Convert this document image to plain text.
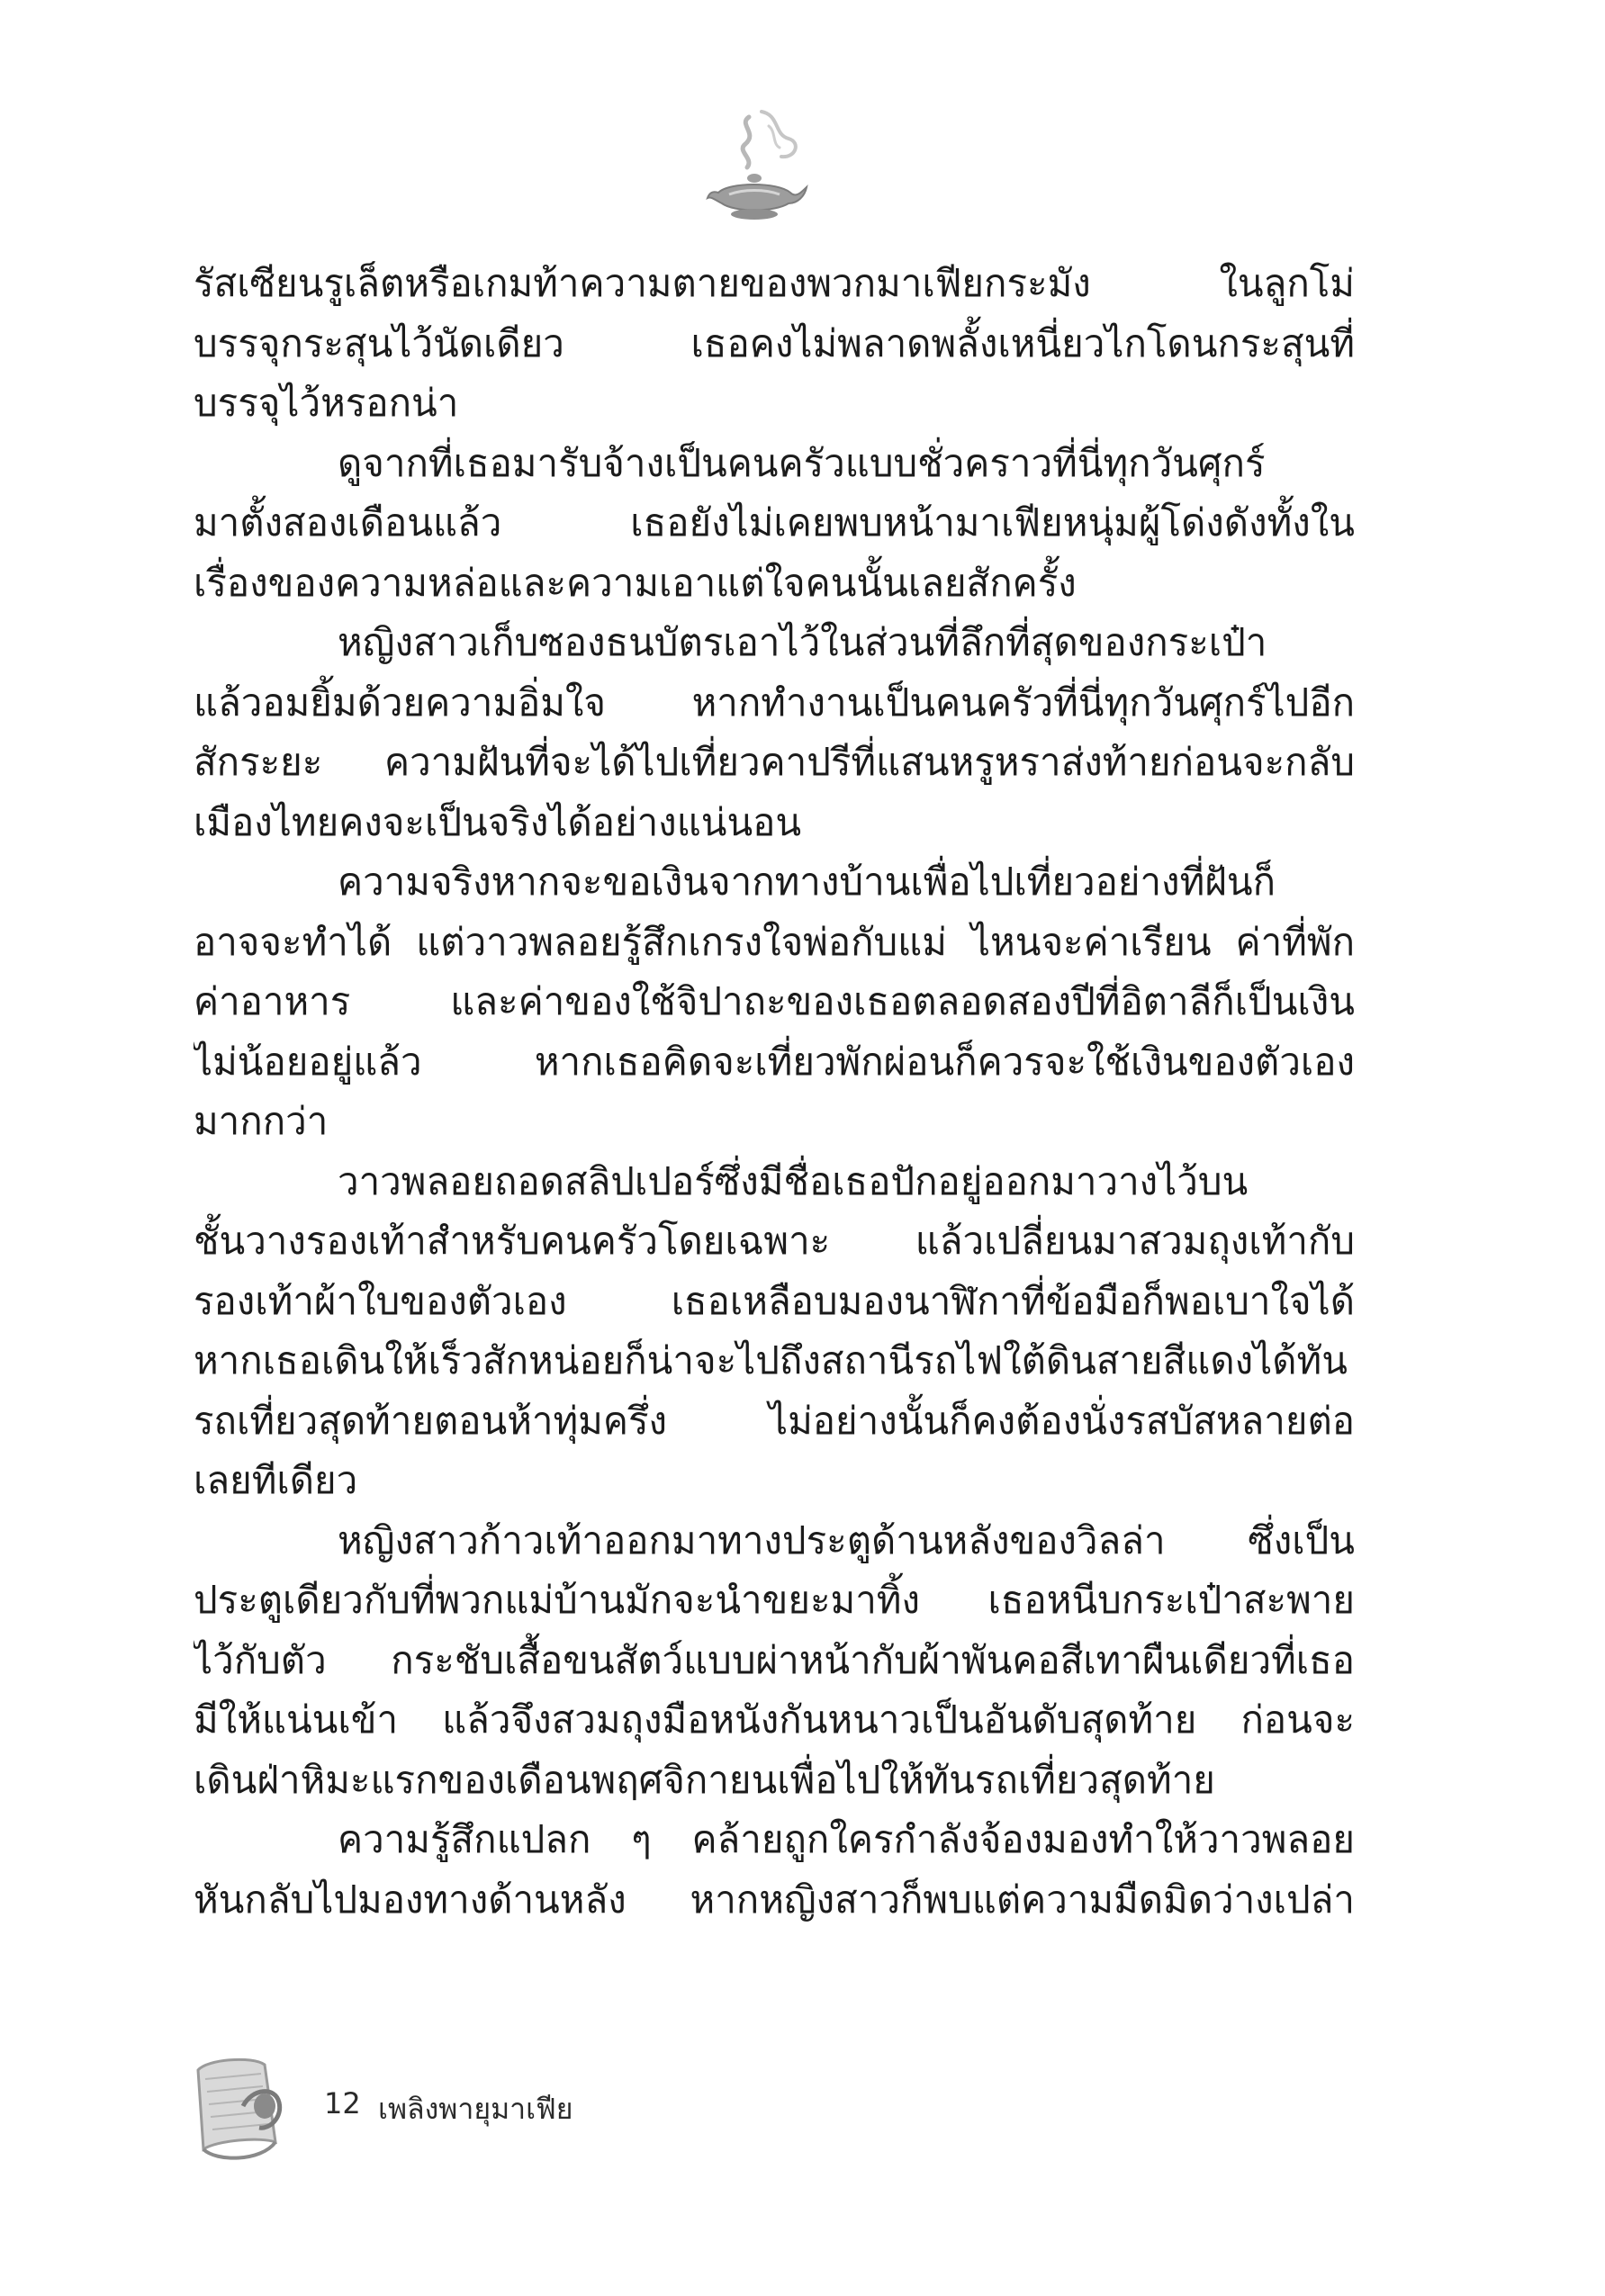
รัสเซียนรูเล็ตหรือเกมท้าความตายของพวกมาเฟียกระมัง ในลูกโม่
บรรจุกระสุนไว้นัดเดียว เธอคงไม่พลาดพลั้งเหนี่ยวไกโดนกระสุนที่
บรรจุไว้หรอกน่า
ดูจากที่เธอมารับจ้างเป็นคนครัวแบบชั่วคราวที่นี่ทุกวันศุกร์
มาตั้งสองเดือนแล้ว เธอยังไม่เคยพบหน้ามาเฟียหนุ่มผู้โด่งดังทั้งใน
เรื่องของความหล่อและความเอาแต่ใจคนนั้นเลยสักครั้ง
หญิงสาวเก็บซองธนบัตรเอาไว้ในส่วนที่ลึกที่สุดของกระเป๋า
แล้วอมยิ้มด้วยความอิ่มใจ หากทำงานเป็นคนครัวที่นี่ทุกวันศุกร์ไปอีก
สักระยะ ความฝันที่จะได้ไปเที่ยวคาปรีที่แสนหรูหราส่งท้ายก่อนจะกลับ
เมืองไทยคงจะเป็นจริงได้อย่างแน่นอน
ความจริงหากจะขอเงินจากทางบ้านเพื่อไปเที่ยวอย่างที่ฝันก็
อาจจะทำได้ แต่วาวพลอยรู้สึกเกรงใจพ่อกับแม่ ไหนจะค่าเรียน ค่าที่พัก
ค่าอาหาร และค่าของใช้จิปาถะของเธอตลอดสองปีที่อิตาลีก็เป็นเงิน
ไม่น้อยอยู่แล้ว หากเธอคิดจะเที่ยวพักผ่อนก็ควรจะใช้เงินของตัวเอง
มากกว่า
วาวพลอยถอดสลิปเปอร์ซึ่งมีชื่อเธอปักอยู่ออกมาวางไว้บน
ชั้นวางรองเท้าสำหรับคนครัวโดยเฉพาะ แล้วเปลี่ยนมาสวมถุงเท้ากับ
รองเท้าผ้าใบของตัวเอง เธอเหลือบมองนาฬิกาที่ข้อมือก็พอเบาใจได้
หากเธอเดินให้เร็วสักหน่อยก็น่าจะไปถึงสถานีรถไฟใต้ดินสายสีแดงได้ทัน
รถเที่ยวสุดท้ายตอนห้าทุ่มครึ่ง ไม่อย่างนั้นก็คงต้องนั่งรสบัสหลายต่อ
เลยทีเดียว
หญิงสาวก้าวเท้าออกมาทางประตูด้านหลังของวิลล่า ซึ่งเป็น
ประตูเดียวกับที่พวกแม่บ้านมักจะนำขยะมาทิ้ง เธอหนีบกระเป๋าสะพาย
ไว้กับตัว กระชับเสื้อขนสัตว์แบบผ่าหน้ากับผ้าพันคอสีเทาผืนเดียวที่เธอ
มีให้แน่นเข้า แล้วจึงสวมถุงมือหนังกันหนาวเป็นอันดับสุดท้าย ก่อนจะ
เดินฝ่าหิมะแรกของเดือนพฤศจิกายนเพื่อไปให้ทันรถเที่ยวสุดท้าย
ความรู้สึกแปลก ๆ คล้ายถูกใครกำลังจ้องมองทำให้วาวพลอย
หันกลับไปมองทางด้านหลัง หากหญิงสาวก็พบแต่ความมืดมิดว่างเปล่า
12 เพลิงพายุมาเฟีย
